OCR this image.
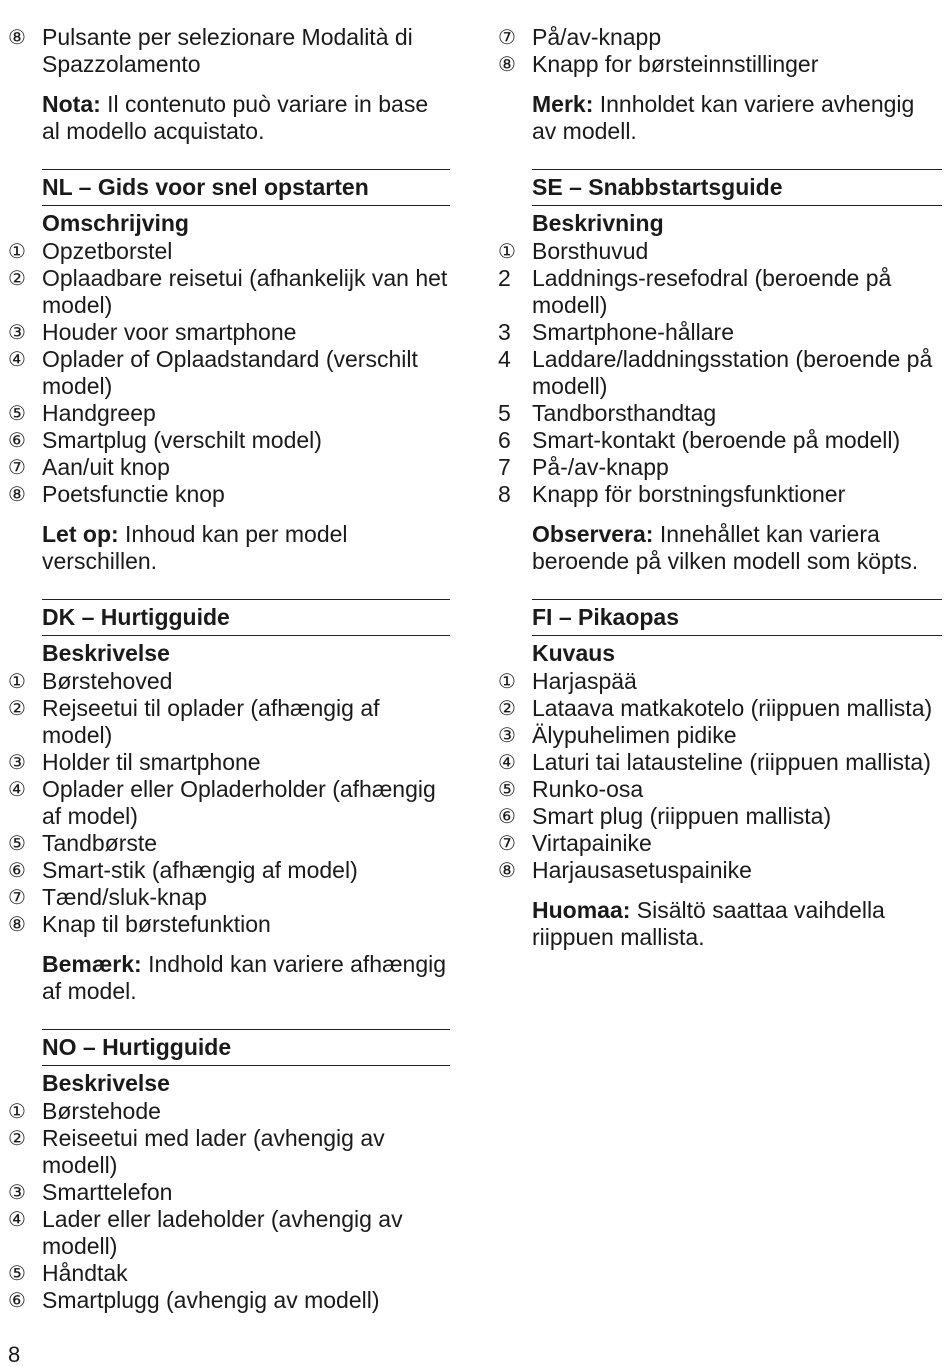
⑧ Pulsante per selezionare Modalità di Spazzolamento
Nota: Il contenuto può variare in base al modello acquistato.
NL – Gids voor snel opstarten
Omschrijving
① Opzetborstel
② Oplaadbare reisetui (afhankelijk van het model)
③ Houder voor smartphone
④ Oplader of Oplaadstandard (verschilt model)
⑤ Handgreep
⑥ Smartplug (verschilt model)
⑦ Aan/uit knop
⑧ Poetsfunctie knop
Let op: Inhoud kan per model verschillen.
DK – Hurtigguide
Beskrivelse
① Børstehoved
② Rejseetui til oplader (afhængig af model)
③ Holder til smartphone
④ Oplader eller Opladerholder (afhængig af model)
⑤ Tandbørste
⑥ Smart-stik (afhængig af model)
⑦ Tænd/sluk-knap
⑧ Knap til børstefunktion
Bemærk: Indhold kan variere afhængig af model.
NO – Hurtigguide
Beskrivelse
① Børstehode
② Reiseetui med lader (avhengig av modell)
③ Smarttelefon
④ Lader eller ladeholder (avhengig av modell)
⑤ Håndtak
⑥ Smartplugg (avhengig av modell)
⑦ På/av-knapp
⑧ Knapp for børsteinnstillinger
Merk: Innholdet kan variere avhengig av modell.
SE – Snabbstartsguide
Beskrivning
① Borsthuvud
2 Laddnings-resefodral (beroende på modell)
3 Smartphone-hållare
4 Laddare/laddningsstation (beroende på modell)
5 Tandborsthandtag
6 Smart-kontakt (beroende på modell)
7 På-/av-knapp
8 Knapp för borstningsfunktioner
Observera: Innehållet kan variera beroende på vilken modell som köpts.
FI – Pikaopas
Kuvaus
① Harjaspää
② Lataava matkakotelo (riippuen mallista)
③ Älypuhelimen pidike
④ Laturi tai latausteline (riippuen mallista)
⑤ Runko-osa
⑥ Smart plug (riippuen mallista)
⑦ Virtapainike
⑧ Harjausasetuspainike
Huomaa: Sisältö saattaa vaihdella riippuen mallista.
8
